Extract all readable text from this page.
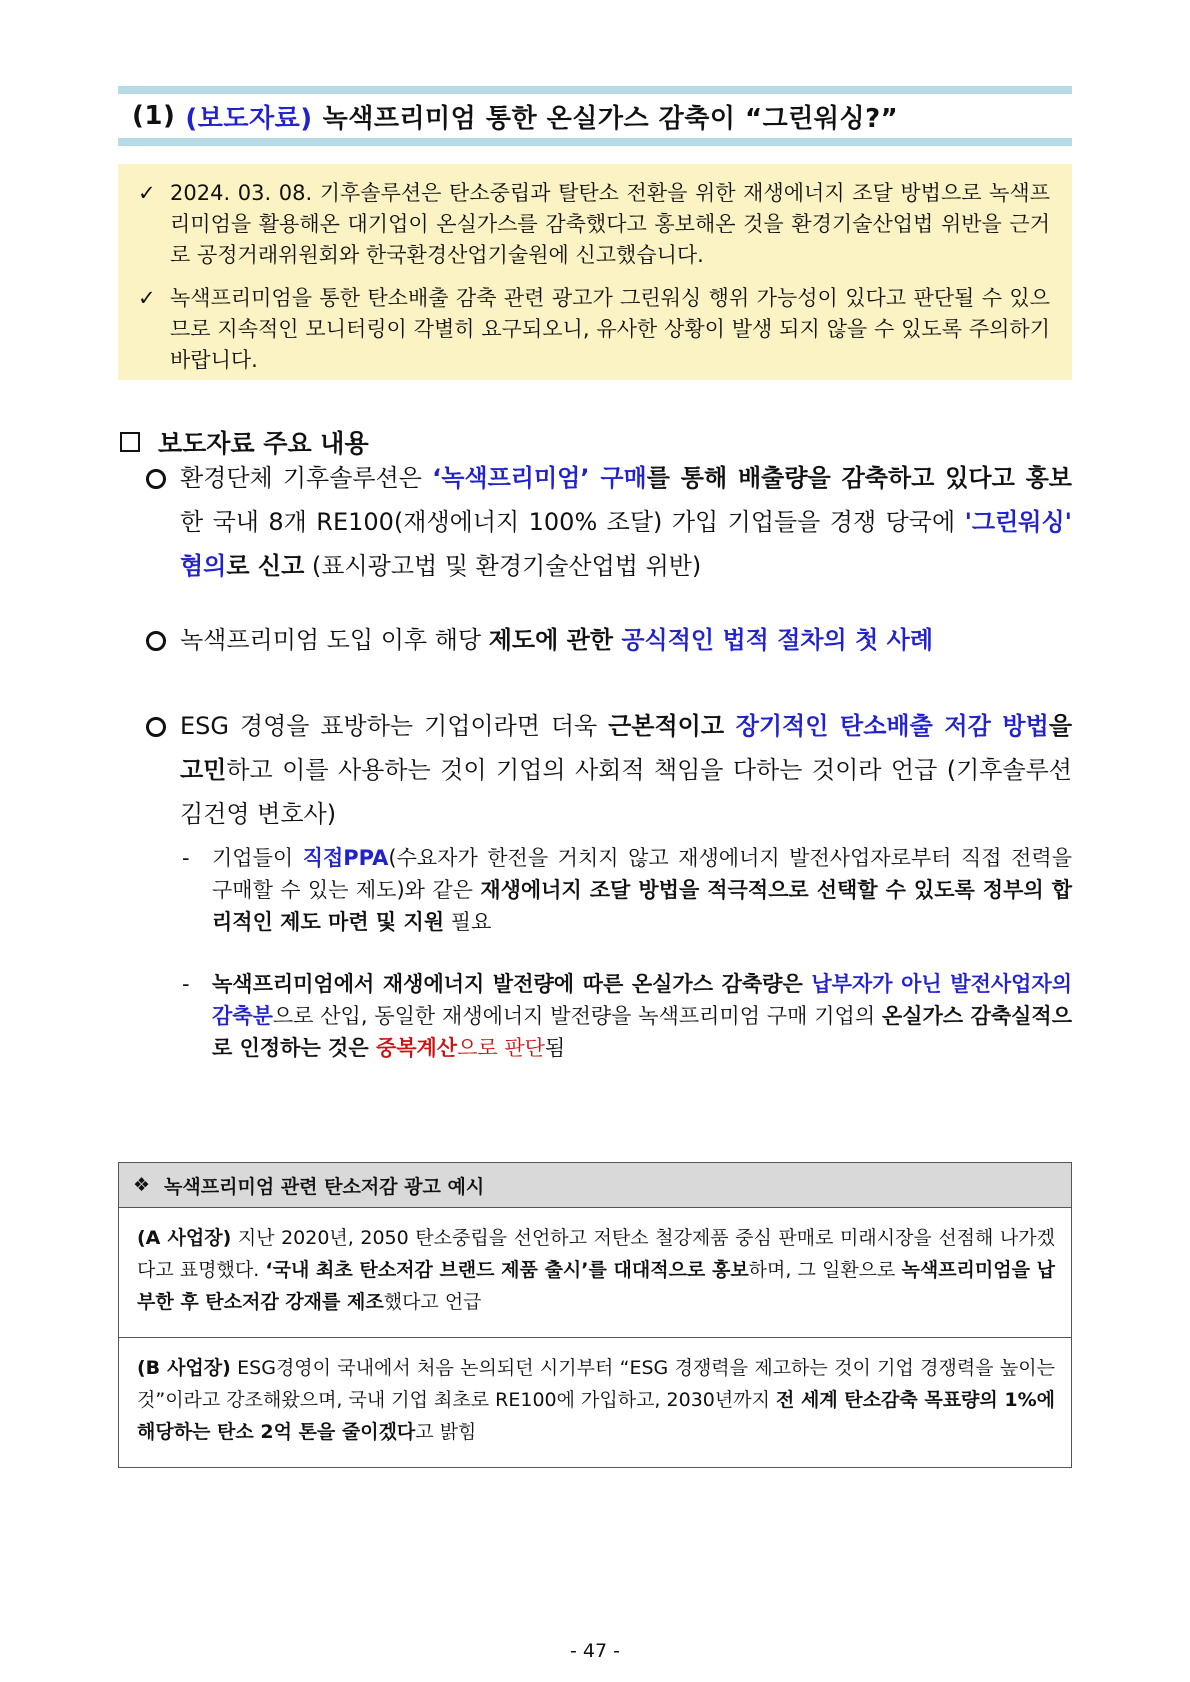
(1) (보도자료) 녹색프리미엄 통한 온실가스 감축이 “그린워싱?”
✓ 2024. 03. 08. 기후솔루션은 탄소중립과 탈탄소 전환을 위한 재생에너지 조달 방법으로 녹색프리미엄을 활용해온 대기업이 온실가스를 감축했다고 홍보해온 것을 환경기술산업법 위반을 근거로 공정거래위원회와 한국환경산업기술원에 신고했습니다.
✓ 녹색프리미엄을 통한 탄소배출 감축 관련 광고가 그린워싱 행위 가능성이 있다고 판단될 수 있으므로 지속적인 모니터링이 각별히 요구되오니, 유사한 상황이 발생 되지 않을 수 있도록 주의하기 바랍니다.
보도자료 주요 내용
환경단체 기후솔루션은 ‘녹색프리미엄’ 구매를 통해 배출량을 감축하고 있다고 홍보한 국내 8개 RE100(재생에너지 100% 조달) 가입 기업들을 경쟁 당국에 '그린워싱' 혐의로 신고 (표시광고법 및 환경기술산업법 위반)
녹색프리미엄 도입 이후 해당 제도에 관한 공식적인 법적 절차의 첫 사례
ESG 경영을 표방하는 기업이라면 더욱 근본적이고 장기적인 탄소배출 저감 방법을 고민하고 이를 사용하는 것이 기업의 사회적 책임을 다하는 것이라 언급 (기후솔루션 김건영 변호사)
-	기업들이 직접PPA(수요자가 한전을 거치지 않고 재생에너지 발전사업자로부터 직접 전력을 구매할 수 있는 제도)와 같은 재생에너지 조달 방법을 적극적으로 선택할 수 있도록 정부의 합리적인 제도 마련 및 지원 필요
-	녹색프리미엄에서 재생에너지 발전량에 따른 온실가스 감축량은 납부자가 아닌 발전사업자의 감축분으로 산입, 동일한 재생에너지 발전량을 녹색프리미엄 구매 기업의 온실가스 감축실적으로 인정하는 것은 중복계산으로 판단됨
❖ 녹색프리미엄 관련 탄소저감 광고 예시
(A 사업장) 지난 2020년, 2050 탄소중립을 선언하고 저탄소 철강제품 중심 판매로 미래시장을 선점해 나가겠다고 표명했다. ‘국내 최초 탄소저감 브랜드 제품 출시’를 대대적으로 홍보하며, 그 일환으로 녹색프리미엄을 납부한 후 탄소저감 강재를 제조했다고 언급
(B 사업장) ESG경영이 국내에서 처음 논의되던 시기부터 “ESG 경쟁력을 제고하는 것이 기업 경쟁력을 높이는 것”이라고 강조해왔으며, 국내 기업 최초로 RE100에 가입하고, 2030년까지 전 세계 탄소감축 목표량의 1%에 해당하는 탄소 2억 톤을 줄이겠다고 밝힘
- 47 -
